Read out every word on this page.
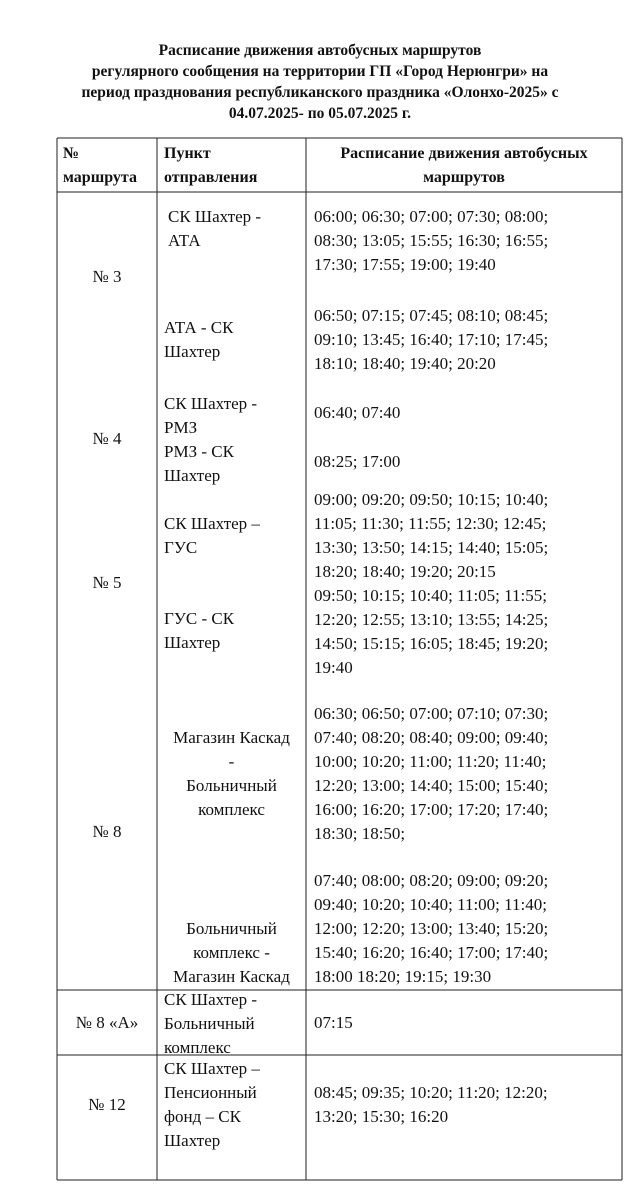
Расписание движения автобусных маршрутов
регулярного сообщения на территории ГП «Город Нерюнгри» на
период празднования республиканского праздника «Олонхо-2025» с
04.07.2025- по 05.07.2025 г.
№
маршрута
Пункт
отправления
Расписание движения автобусных
маршрутов
№ 3
СК Шахтер -
АТА
06:00; 06:30; 07:00; 07:30; 08:00;
08:30; 13:05; 15:55; 16:30; 16:55;
17:30; 17:55; 19:00; 19:40
АТА - СК
Шахтер
06:50; 07:15; 07:45; 08:10; 08:45;
09:10; 13:45; 16:40; 17:10; 17:45;
18:10; 18:40; 19:40; 20:20
№ 4
СК Шахтер -
РМЗ
06:40; 07:40
РМЗ - СК
Шахтер
08:25; 17:00
№ 5
СК Шахтер –
ГУС
09:00; 09:20; 09:50; 10:15; 10:40;
11:05; 11:30; 11:55; 12:30; 12:45;
13:30; 13:50; 14:15; 14:40; 15:05;
18:20; 18:40; 19:20; 20:15
ГУС - СК
Шахтер
09:50; 10:15; 10:40; 11:05; 11:55;
12:20; 12:55; 13:10; 13:55; 14:25;
14:50; 15:15; 16:05; 18:45; 19:20;
19:40
№ 8
Магазин Каскад
-
Больничный
комплекс
06:30; 06:50; 07:00; 07:10; 07:30;
07:40; 08:20; 08:40; 09:00; 09:40;
10:00; 10:20; 11:00; 11:20; 11:40;
12:20; 13:00; 14:40; 15:00; 15:40;
16:00; 16:20; 17:00; 17:20; 17:40;
18:30; 18:50;
Больничный
комплекс -
Магазин Каскад
07:40; 08:00; 08:20; 09:00; 09:20;
09:40; 10:20; 10:40; 11:00; 11:40;
12:00; 12:20; 13:00; 13:40; 15:20;
15:40; 16:20; 16:40; 17:00; 17:40;
18:00 18:20; 19:15; 19:30
№ 8 «А»
СК Шахтер -
Больничный
комплекс
07:15
№ 12
СК Шахтер –
Пенсионный
фонд – СК
Шахтер
08:45; 09:35; 10:20; 11:20; 12:20;
13:20; 15:30; 16:20
